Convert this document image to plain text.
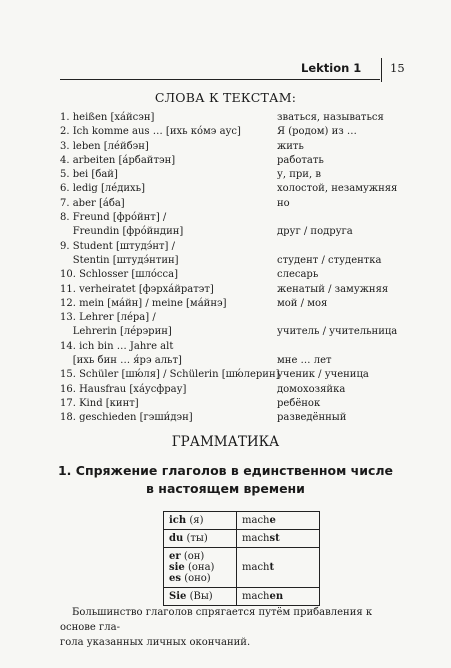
Lektion 1 15
СЛОВА К ТЕКСТАМ:
1. heißen [ха́йсэн]	зваться, называться
2. Ich komme aus … [ихь ко́мэ аус]	Я (родом) из …
3. leben [ле́йбэн]	жить
4. arbeiten [а́рбайтэн]	работать
5. bei [бай]	у, при, в
6. ledig [ле́дихь]	холостой, незамужняя
7. aber [а́ба]	но
8. Freund [фро́йнт] /
Freundin [фро́йндин]	друг / подруга
9. Student [штудэ́нт] /
Stentin [штудэ́нтин]	студент / студентка
10. Schlosser [шло́сса]	слесарь
11. verheiratet [фэрха́йратэт]	женатый / замужняя
12. mein [ма́йн] / meine [ма́йнэ]	мой / моя
13. Lehrer [ле́ра] /
Lehrerin [ле́рэрин]	учитель / учительница
14. ich bin … Jahre alt
[ихь бин … я́рэ альт]	мне … лет
15. Schüler [шю́ля] / Schülerin [шю́лерин]
ученик / ученица
16. Hausfrau [ха́усфрау]	домохозяйка
17. Kind [кинт]	ребёнок
18. geschieden [гэши́дэн]	разведённый
ГРАММАТИКА
1. Спряжение глаголов в единственном числе
в настоящем времени
ich (я)	mache
du (ты)	machst

er (он)
sie (она)
es (оно)	macht
Sie (Вы)	machen
Большинство глаголов спрягается путём прибавления к основе гла-
гола указанных личных окончаний.
